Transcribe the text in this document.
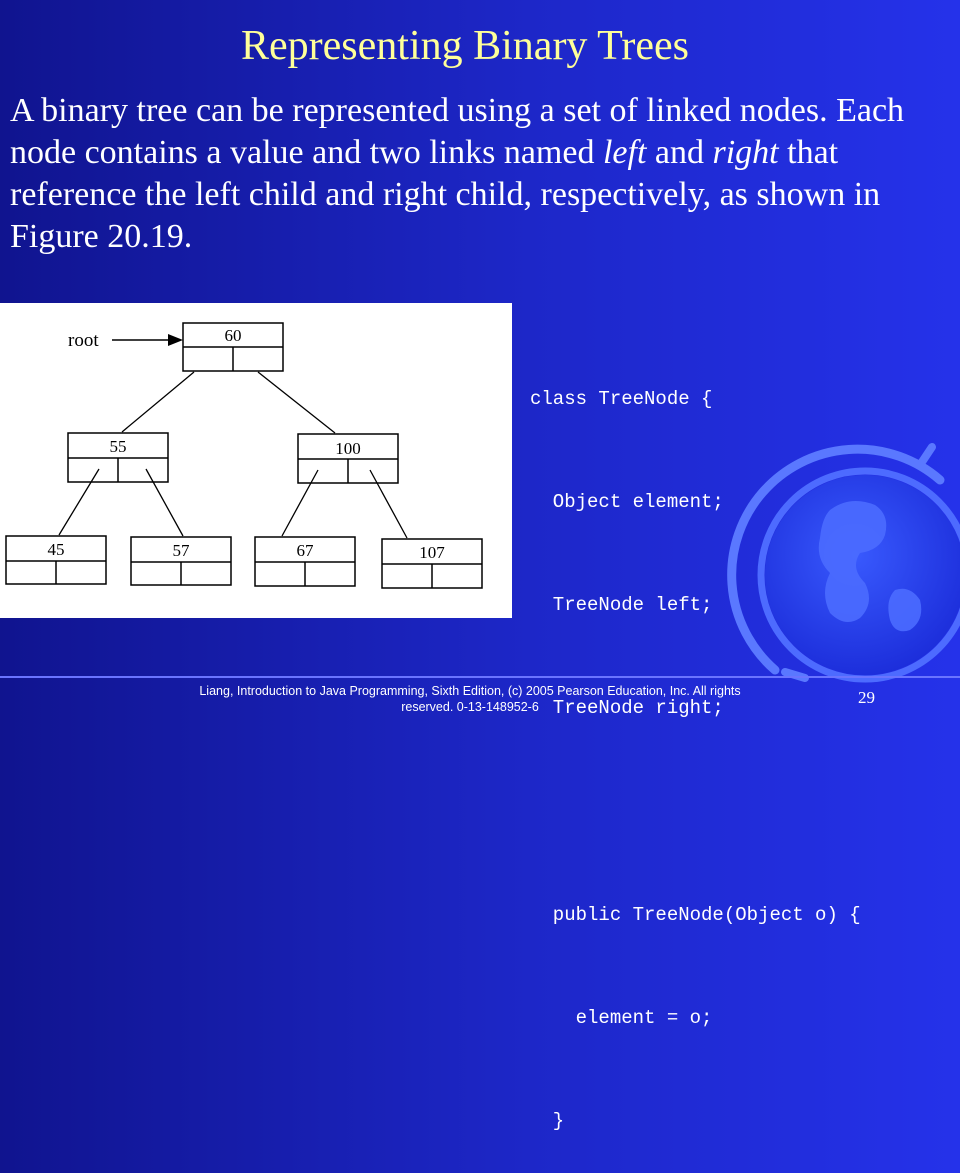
Representing Binary Trees
A binary tree can be represented using a set of linked nodes. Each node contains a value and two links named left and right that reference the left child and right child, respectively, as shown in Figure 20.19.
root	60
55	100
45	57	67	107

class TreeNode {

Object element;

TreeNode left;

TreeNode right;

public TreeNode(Object o) {

element = o;

}

Liang, Introduction to Java Programming, Sixth Edition, (c) 2005 Pearson Education, Inc. All rights reserved. 0-13-148952-6	29
